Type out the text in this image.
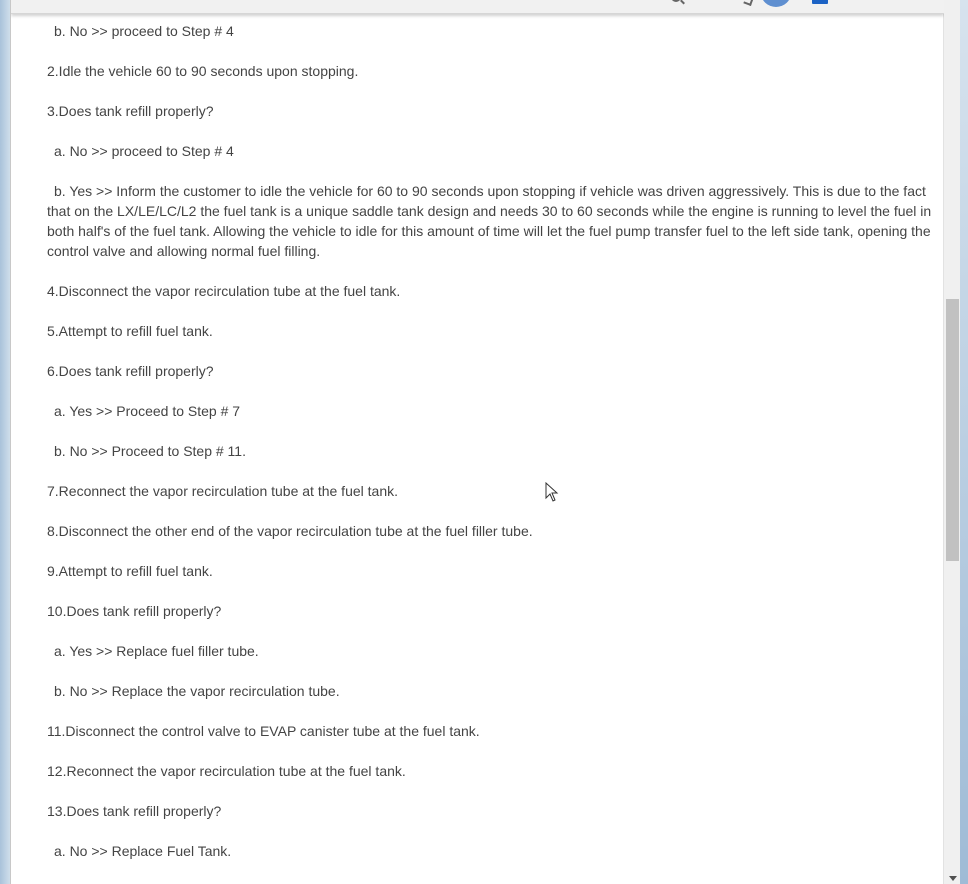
b. No >> proceed to Step # 4

2.Idle the vehicle 60 to 90 seconds upon stopping.

3.Does tank refill properly?

a. No >> proceed to Step # 4

b. Yes >> Inform the customer to idle the vehicle for 60 to 90 seconds upon stopping if vehicle was driven aggressively. This is due to the fact that on the LX/LE/LC/L2 the fuel tank is a unique saddle tank design and needs 30 to 60 seconds while the engine is running to level the fuel in both half's of the fuel tank. Allowing the vehicle to idle for this amount of time will let the fuel pump transfer fuel to the left side tank, opening the control valve and allowing normal fuel filling.

4.Disconnect the vapor recirculation tube at the fuel tank.

5.Attempt to refill fuel tank.

6.Does tank refill properly?

a. Yes >> Proceed to Step # 7

b. No >> Proceed to Step # 11.

7.Reconnect the vapor recirculation tube at the fuel tank.

8.Disconnect the other end of the vapor recirculation tube at the fuel filler tube.

9.Attempt to refill fuel tank.

10.Does tank refill properly?

a. Yes >> Replace fuel filler tube.

b. No >> Replace the vapor recirculation tube.

11.Disconnect the control valve to EVAP canister tube at the fuel tank.

12.Reconnect the vapor recirculation tube at the fuel tank.

13.Does tank refill properly?

a. No >> Replace Fuel Tank.
